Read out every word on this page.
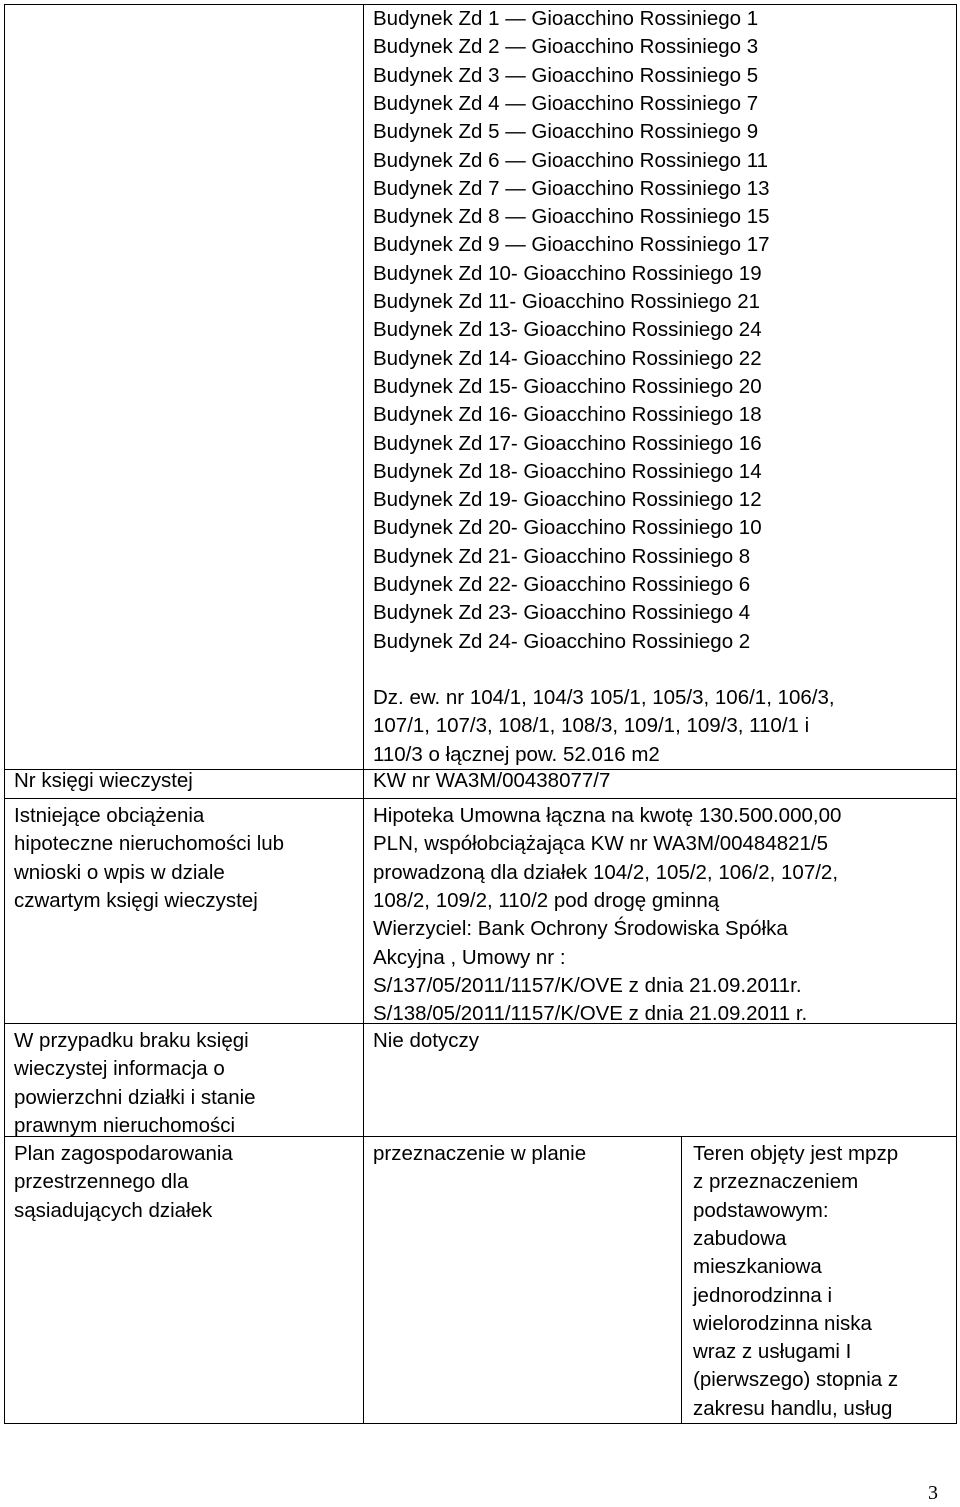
Budynek Zd 1 — Gioacchino Rossiniego 1
Budynek Zd 2 — Gioacchino Rossiniego 3
Budynek Zd 3 — Gioacchino Rossiniego 5
Budynek Zd 4 — Gioacchino Rossiniego 7
Budynek Zd 5 — Gioacchino Rossiniego 9
Budynek Zd 6 — Gioacchino Rossiniego 11
Budynek Zd 7 — Gioacchino Rossiniego 13
Budynek Zd 8 — Gioacchino Rossiniego 15
Budynek Zd 9 — Gioacchino Rossiniego 17
Budynek Zd 10- Gioacchino Rossiniego 19
Budynek Zd 11- Gioacchino Rossiniego 21
Budynek Zd 13- Gioacchino Rossiniego 24
Budynek Zd 14- Gioacchino Rossiniego 22
Budynek Zd 15- Gioacchino Rossiniego 20
Budynek Zd 16- Gioacchino Rossiniego 18
Budynek Zd 17- Gioacchino Rossiniego 16
Budynek Zd 18- Gioacchino Rossiniego 14
Budynek Zd 19- Gioacchino Rossiniego 12
Budynek Zd 20- Gioacchino Rossiniego 10
Budynek Zd 21- Gioacchino Rossiniego 8
Budynek Zd 22- Gioacchino Rossiniego 6
Budynek Zd 23- Gioacchino Rossiniego 4
Budynek Zd 24- Gioacchino Rossiniego 2
Dz. ew. nr 104/1, 104/3 105/1, 105/3, 106/1, 106/3,
107/1, 107/3, 108/1, 108/3, 109/1, 109/3, 110/1 i
110/3 o łącznej pow. 52.016 m2
Nr księgi wieczystej	KW nr WA3M/00438077/7
Istniejące obciążenia
hipoteczne nieruchomości lub
wnioski o wpis w dziale
czwartym księgi wieczystej
Hipoteka Umowna łączna na kwotę 130.500.000,00
PLN, współobciążająca KW nr WA3M/00484821/5
prowadzoną dla działek 104/2, 105/2, 106/2, 107/2,
108/2, 109/2, 110/2 pod drogę gminną
Wierzyciel: Bank Ochrony Środowiska Spółka
Akcyjna , Umowy nr :
S/137/05/2011/1157/K/OVE z dnia 21.09.2011r.
S/138/05/2011/1157/K/OVE z dnia 21.09.2011 r.
W przypadku braku księgi
wieczystej informacja o
powierzchni działki i stanie
prawnym nieruchomości
Nie dotyczy
Plan zagospodarowania
przestrzennego dla
sąsiadujących działek
przeznaczenie w planie	Teren objęty jest mpzp
z przeznaczeniem
podstawowym:
zabudowa
mieszkaniowa
jednorodzinna i
wielorodzinna niska
wraz z usługami I
(pierwszego) stopnia z
zakresu handlu, usług
3
